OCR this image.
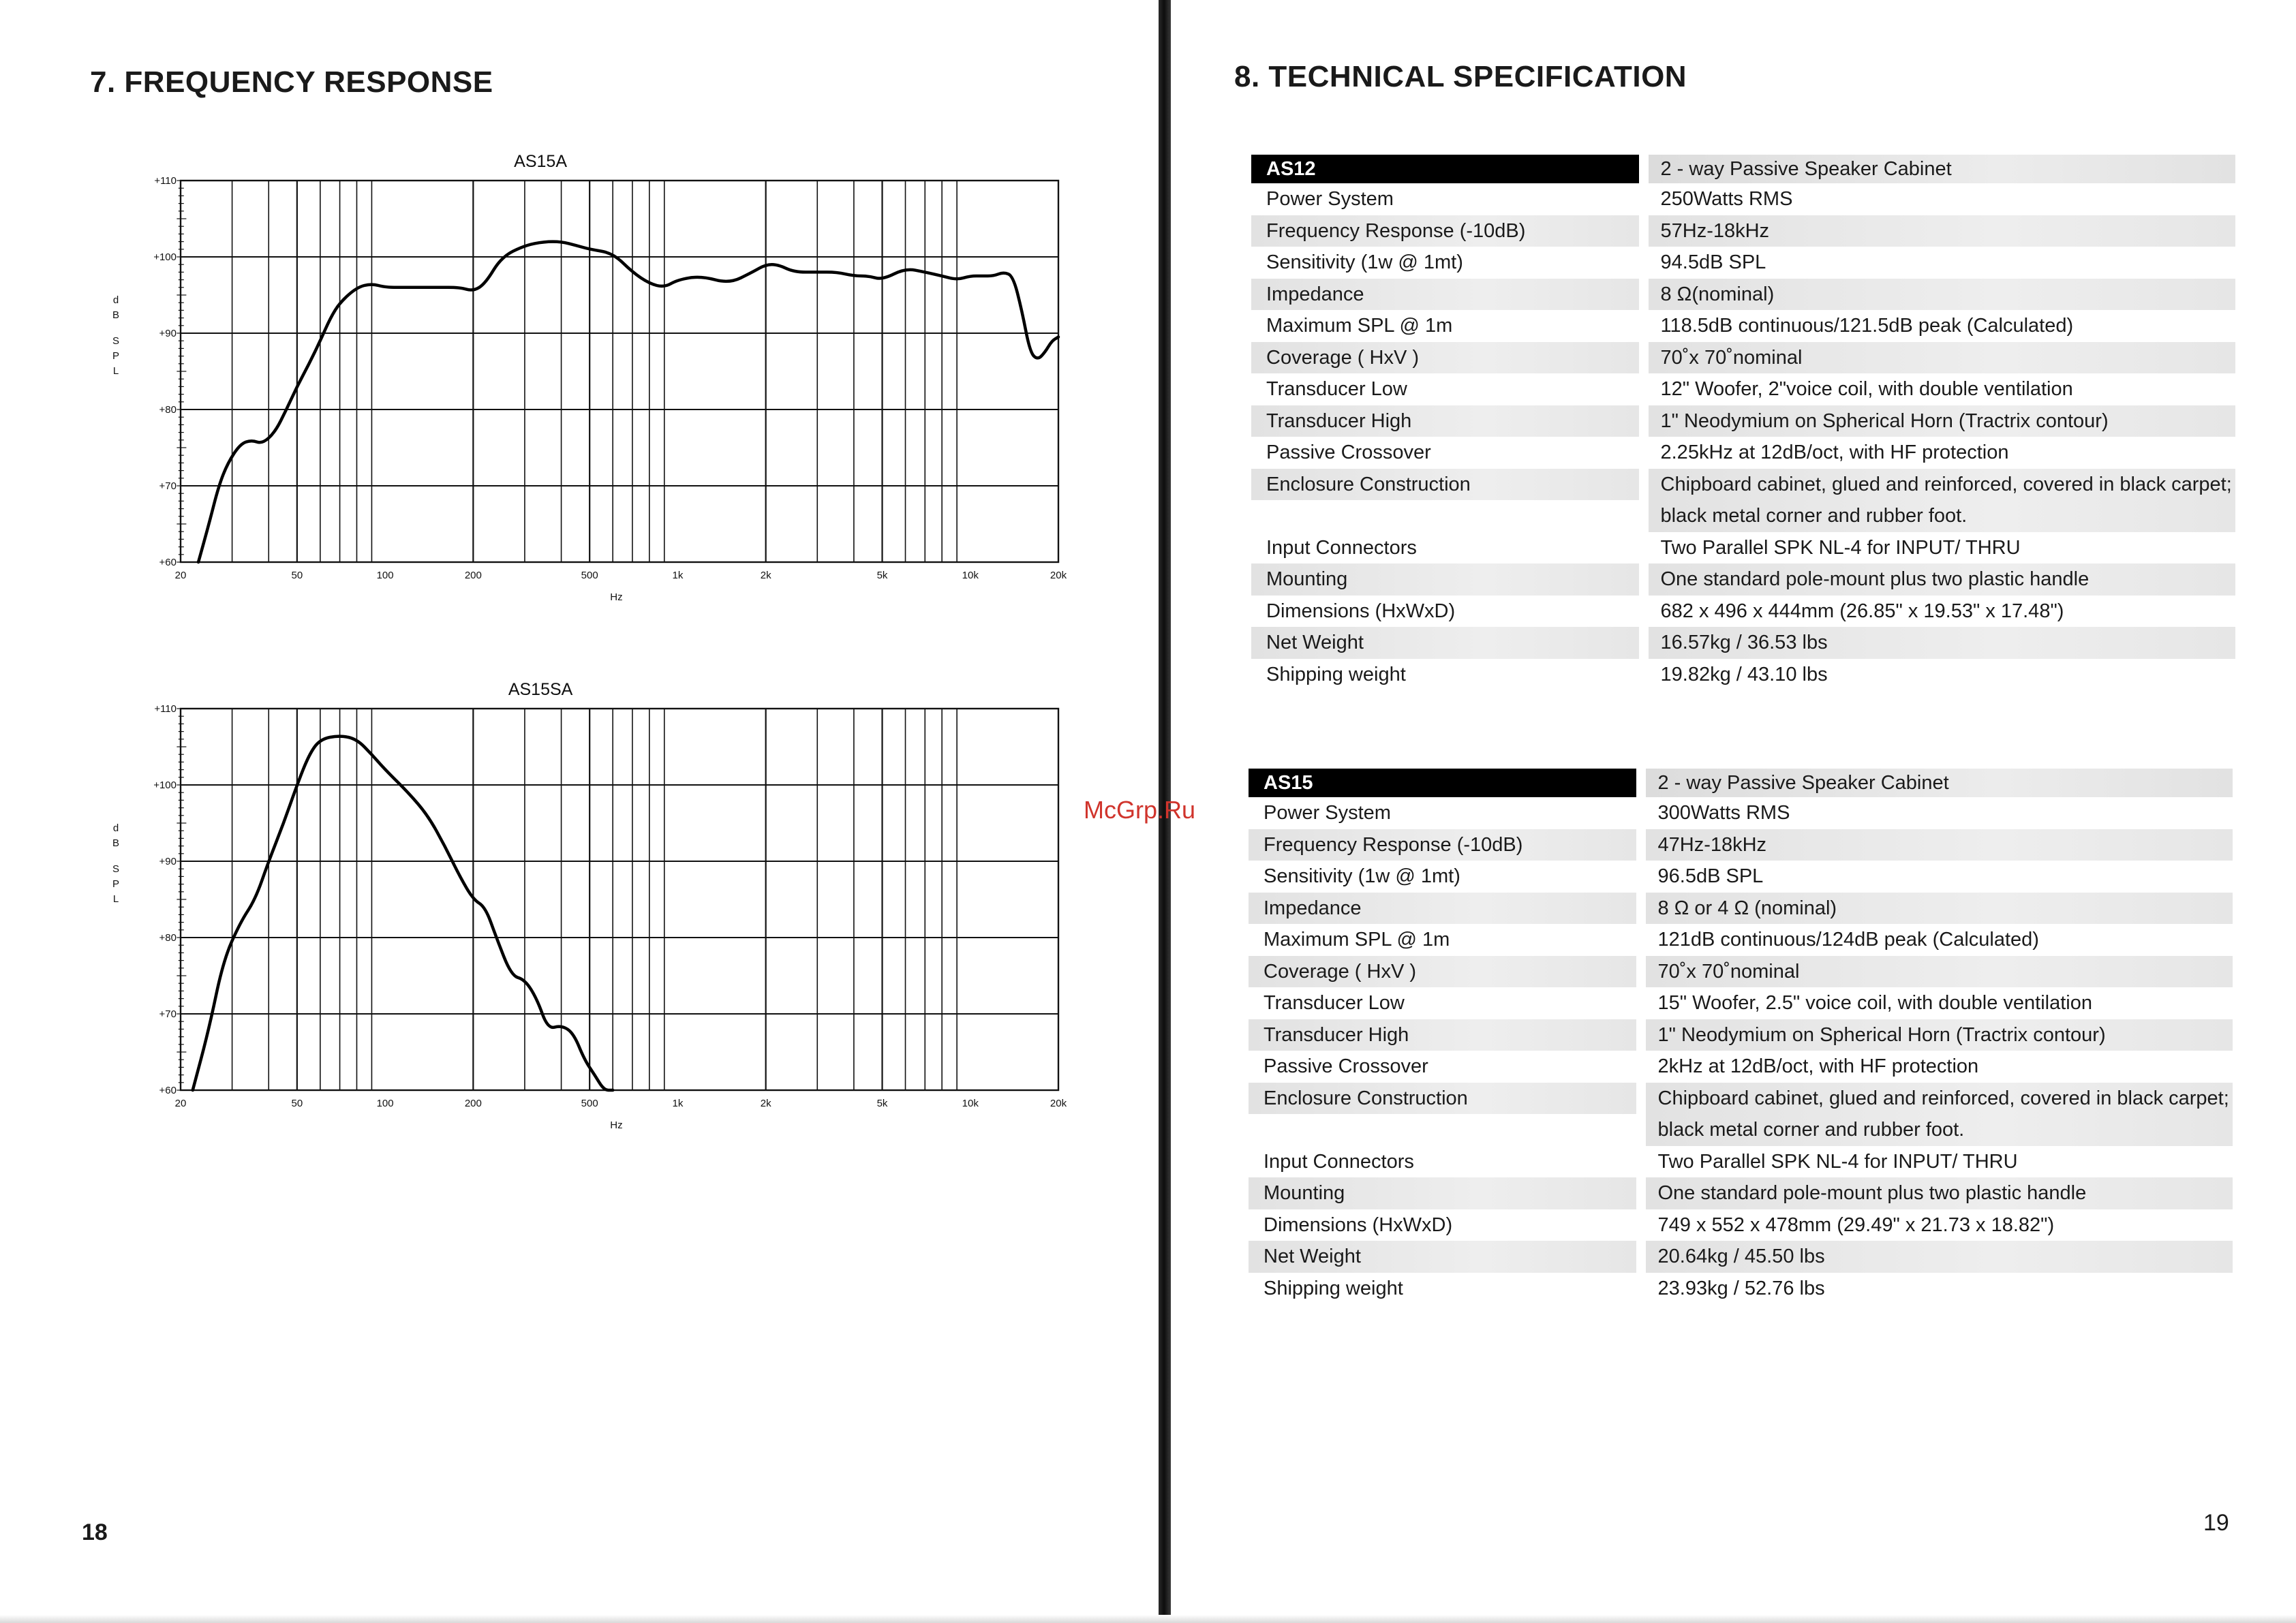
7. FREQUENCY RESPONSE
AS15A
+60
+70
+80
+90
+100
+110
20	50	100	200	500	1k	2k	5k	10k	20k
Hz
d
B
S
P
L
AS15SA
+60
+70
+80
+90
+100
+110
20	50	100	200	500	1k	2k	5k	10k	20k
Hz
d
B
S
P
L
18
8. TECHNICAL SPECIFICATION
19
AS12	2 - way Passive Speaker Cabinet
Power System	250Watts RMS
Frequency Response (-10dB)	57Hz-18kHz
Sensitivity (1w @ 1mt)	94.5dB SPL
Impedance	8 Ω(nominal)
Maximum SPL @ 1m	118.5dB continuous/121.5dB peak (Calculated)
Coverage ( HxV )	70˚x 70˚nominal
Transducer Low	12" Woofer, 2"voice coil, with double ventilation
Transducer High	1" Neodymium on Spherical Horn (Tractrix contour)
Passive Crossover	2.25kHz at 12dB/oct, with HF protection
Enclosure Construction	Chipboard cabinet, glued and reinforced, covered in black carpet;
black metal corner and rubber foot.
Input Connectors	Two Parallel SPK NL-4 for INPUT/ THRU
Mounting	One standard pole-mount plus two plastic handle
Dimensions (HxWxD)	682 x 496 x 444mm (26.85" x 19.53" x 17.48")
Net Weight	16.57kg / 36.53 lbs
Shipping weight	19.82kg / 43.10 lbs
AS15	2 - way Passive Speaker Cabinet
Power System	300Watts RMS
Frequency Response (-10dB)	47Hz-18kHz
Sensitivity (1w @ 1mt)	96.5dB SPL
Impedance	8 Ω or 4 Ω (nominal)
Maximum SPL @ 1m	121dB continuous/124dB peak (Calculated)
Coverage ( HxV )	70˚x 70˚nominal
Transducer Low	15" Woofer, 2.5" voice coil, with double ventilation
Transducer High	1" Neodymium on Spherical Horn (Tractrix contour)
Passive Crossover	2kHz at 12dB/oct, with HF protection
Enclosure Construction	Chipboard cabinet, glued and reinforced, covered in black carpet;
black metal corner and rubber foot.
Input Connectors	Two Parallel SPK NL-4 for INPUT/ THRU
Mounting	One standard pole-mount plus two plastic handle
Dimensions (HxWxD)	749 x 552 x 478mm (29.49" x 21.73 x 18.82")
Net Weight	20.64kg / 45.50 lbs
Shipping weight	23.93kg / 52.76 lbs
McGrp.Ru
